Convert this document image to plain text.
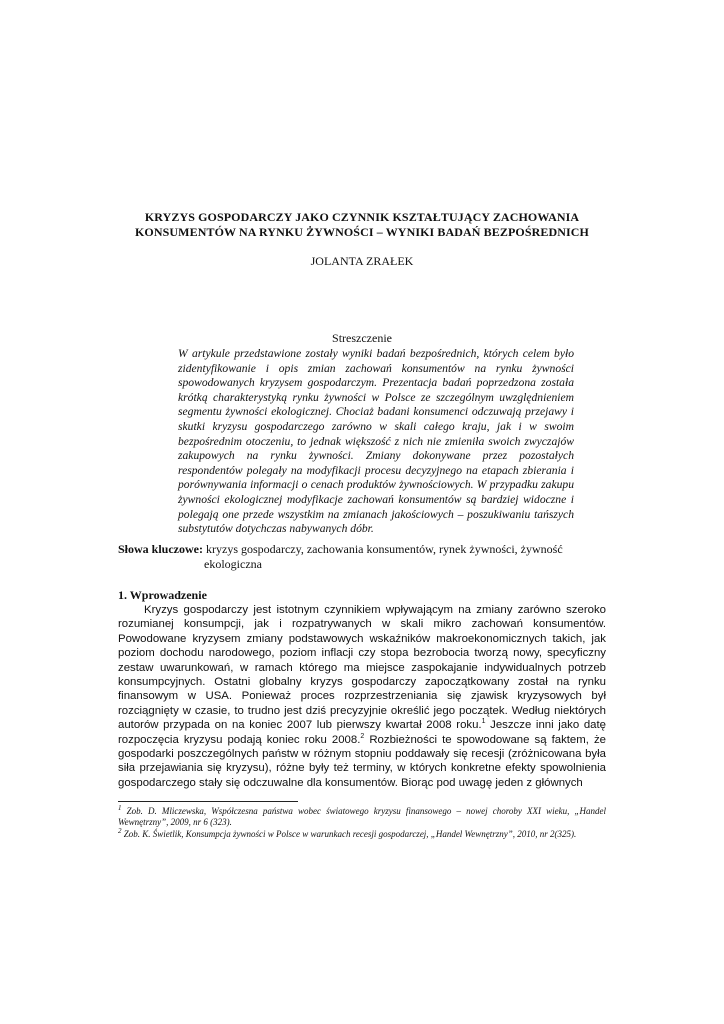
KRYZYS GOSPODARCZY JAKO CZYNNIK KSZTAŁTUJĄCY ZACHOWANIA
KONSUMENTÓW NA RYNKU ŻYWNOŚCI – WYNIKI BADAŃ BEZPOŚREDNICH
JOLANTA ZRAŁEK
Streszczenie
W artykule przedstawione zostały wyniki badań bezpośrednich, których celem było zidentyfikowanie i opis zmian zachowań konsumentów na rynku żywności spowodowanych kryzysem gospodarczym. Prezentacja badań poprzedzona została krótką charakterystyką rynku żywności w Polsce ze szczególnym uwzględnieniem segmentu żywności ekologicznej. Chociaż badani konsumenci odczuwają przejawy i skutki kryzysu gospodarczego zarówno w skali całego kraju, jak i w swoim bezpośrednim otoczeniu, to jednak większość z nich nie zmieniła swoich zwyczajów zakupowych na rynku żywności. Zmiany dokonywane przez pozostałych respondentów polegały na modyfikacji procesu decyzyjnego na etapach zbierania i porównywania informacji o cenach produktów żywnościowych. W przypadku zakupu żywności ekologicznej modyfikacje zachowań konsumentów są bardziej widoczne i polegają one przede wszystkim na zmianach jakościowych – poszukiwaniu tańszych substytutów dotychczas nabywanych dóbr.
Słowa kluczowe: kryzys gospodarczy, zachowania konsumentów, rynek żywności, żywność ekologiczna
1. Wprowadzenie
Kryzys gospodarczy jest istotnym czynnikiem wpływającym na zmiany zarówno szeroko rozumianej konsumpcji, jak i rozpatrywanych w skali mikro zachowań konsumentów. Powodowane kryzysem zmiany podstawowych wskaźników makroekonomicznych takich, jak poziom dochodu narodowego, poziom inflacji czy stopa bezrobocia tworzą nowy, specyficzny zestaw uwarunkowań, w ramach którego ma miejsce zaspokajanie indywidualnych potrzeb konsumpcyjnych. Ostatni globalny kryzys gospodarczy zapoczątkowany został na rynku finansowym w USA. Ponieważ proces rozprzestrzeniania się zjawisk kryzysowych był rozciągnięty w czasie, to trudno jest dziś precyzyjnie określić jego początek. Według niektórych autorów przypada on na koniec 2007 lub pierwszy kwartał 2008 roku.$^1$ Jeszcze inni jako datę rozpoczęcia kryzysu podają koniec roku 2008.$^2$ Rozbieżności te spowodowane są faktem, że gospodarki poszczególnych państw w różnym stopniu poddawały się recesji (zróżnicowana była siła przejawiania się kryzysu), różne były też terminy, w których konkretne efekty spowolnienia gospodarczego stały się odczuwalne dla konsumentów. Biorąc pod uwagę jeden z głównych

$^1$ Zob. D. Mliczewska, Współczesna państwa wobec światowego kryzysu finansowego – nowej choroby XXI wieku, „Handel Wewnętrzny”, 2009, nr 6 (323).

$^2$ Zob. K. Świetlik, Konsumpcja żywności w Polsce w warunkach recesji gospodarczej, „Handel Wewnętrzny”, 2010, nr 2(325).
